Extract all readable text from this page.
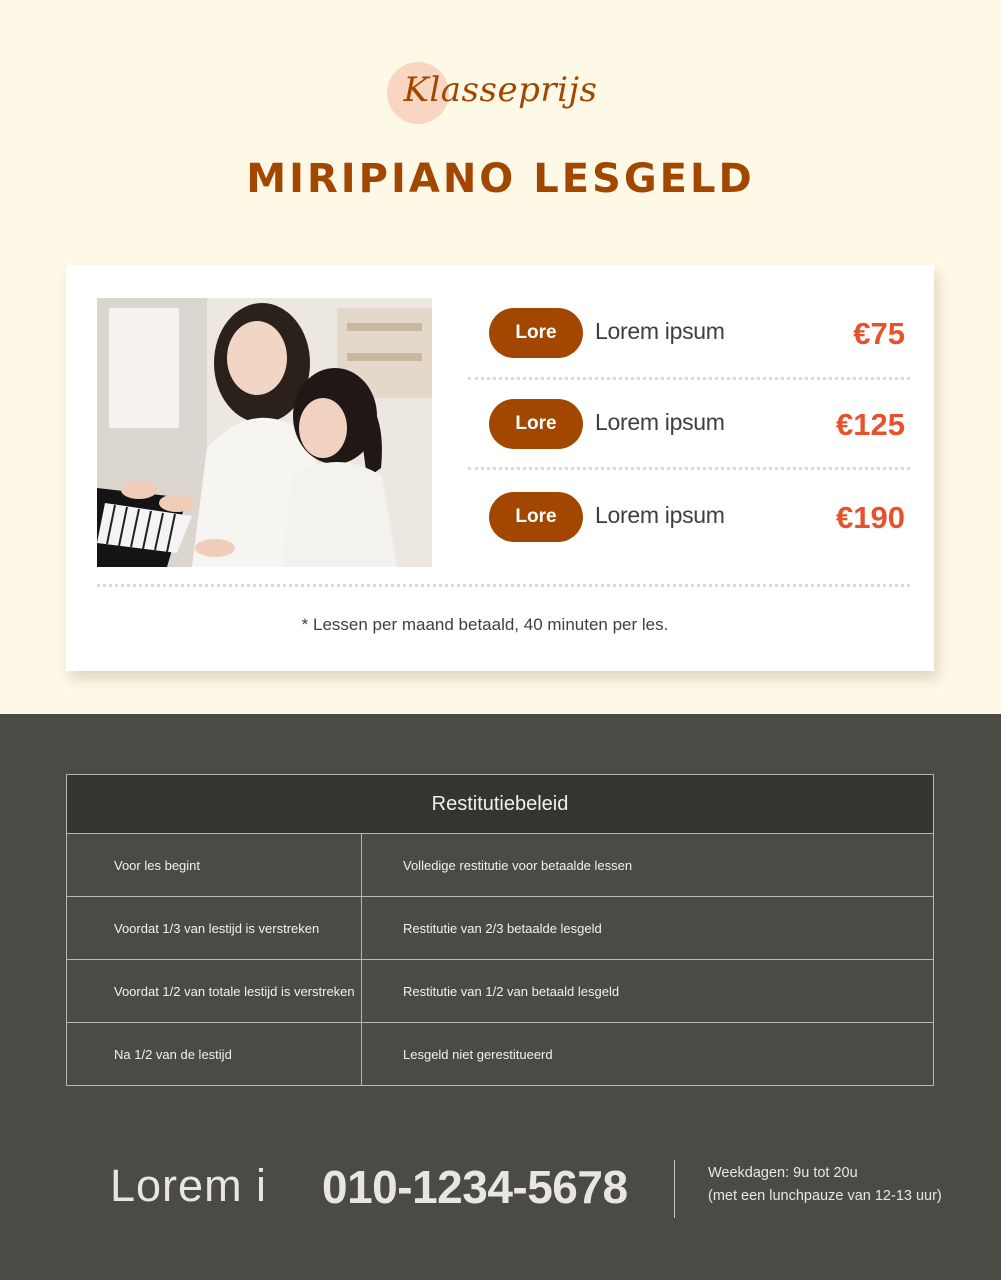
Klasseprijs
MIRIPIANO LESGELD
Lore	Lorem ipsum	€75
Lore	Lorem ipsum	€125
Lore	Lorem ipsum	€190
* Lessen per maand betaald, 40 minuten per les.
Restitutiebeleid	
Voor les begint	Volledige restitutie voor betaalde lessen
Voordat 1/3 van lestijd is verstreken	Restitutie van 2/3 betaalde lesgeld
Voordat 1/2 van totale lestijd is verstreken	Restitutie van 1/2 van betaald lesgeld
Na 1/2 van de lestijd	Lesgeld niet gerestitueerd
Lorem i 010-1234-5678	Weekdagen: 9u tot 20u
(met een lunchpauze van 12-13 uur)
